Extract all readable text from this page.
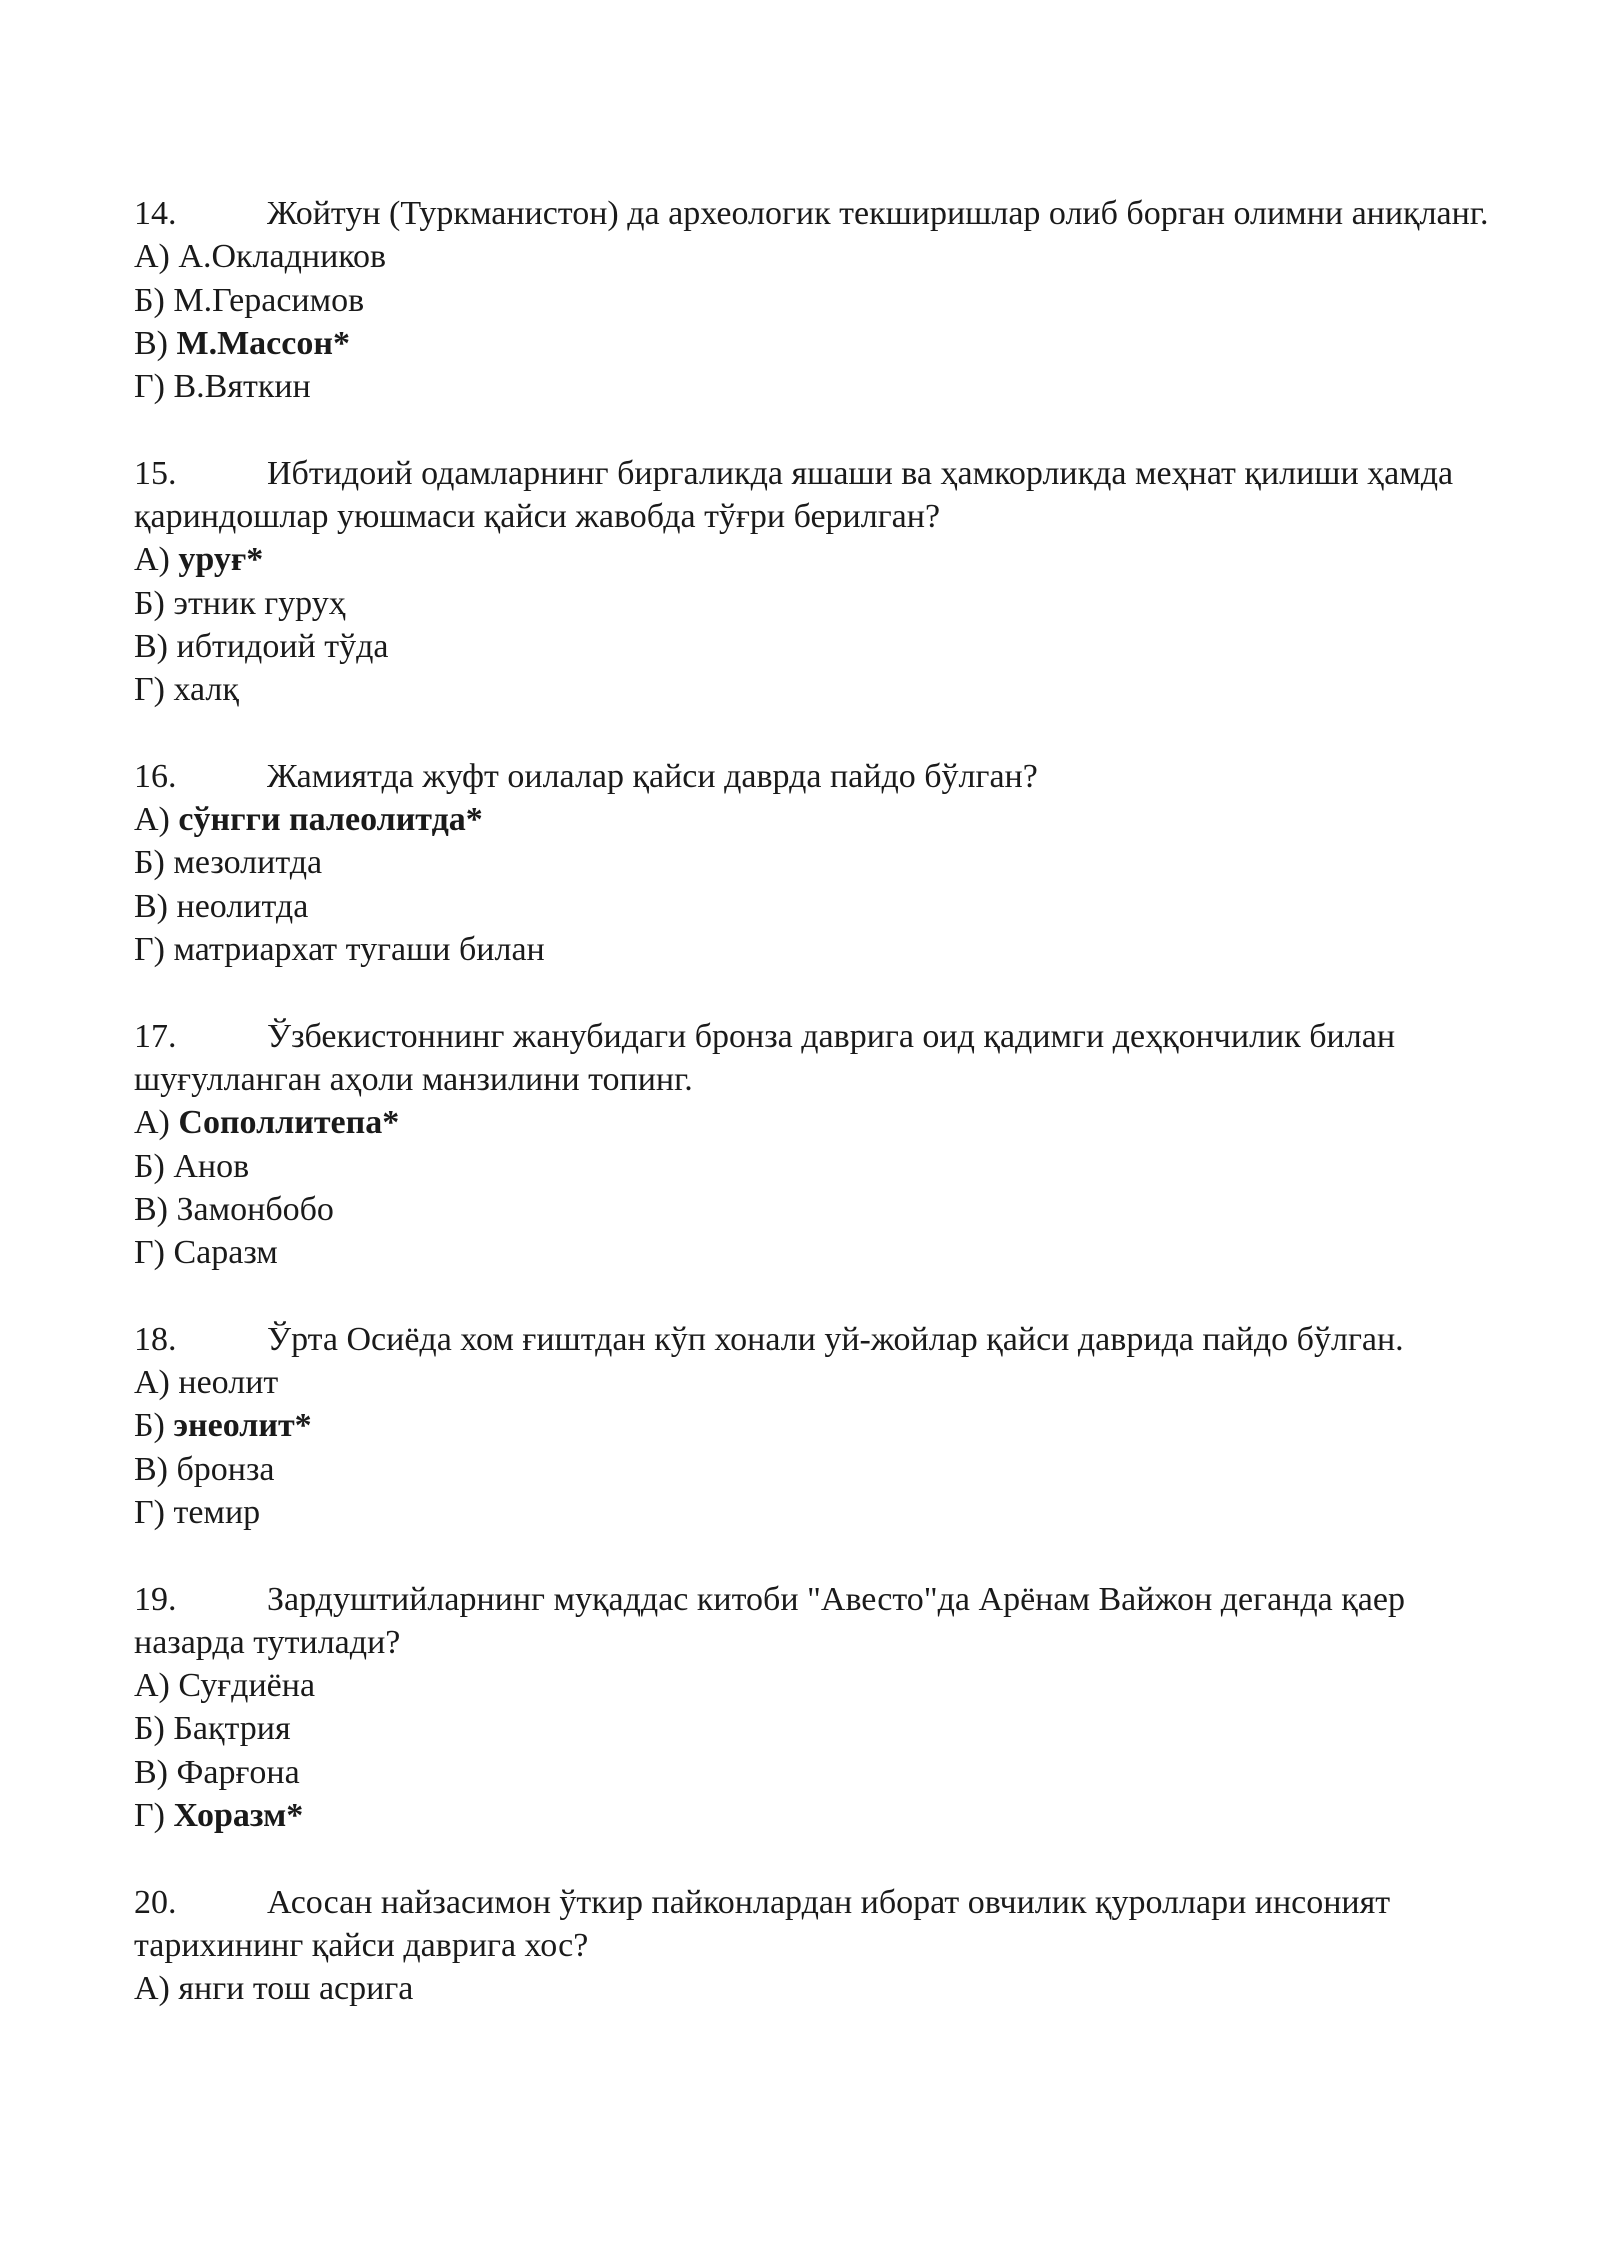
14.	Жойтун (Туркманистон) да археологик текширишлар олиб борган олимни аниқланг.

А) А.Окладников

Б) М.Герасимов

В) М.Массон*

Г) В.Вяткин

15.	Ибтидоий одамларнинг биргаликда яшаши ва ҳамкорликда меҳнат қилиши ҳамда қариндошлар уюшмаси қайси жавобда тўғри берилган?

А) уруғ*

Б) этник гуруҳ

В) ибтидоий тўда

Г) халқ

16.	Жамиятда жуфт оилалар қайси даврда пайдо бўлган?

А) сўнгги палеолитда*

Б) мезолитда

В) неолитда

Г) матриархат тугаши билан

17.	Ўзбекистоннинг жанубидаги бронза даврига оид қадимги деҳқончилик билан шуғулланган аҳоли манзилини топинг.

А) Сополлитепа*

Б) Анов

В) Замонбобо

Г) Саразм

18.	Ўрта Осиёда хом ғиштдан кўп хонали уй-жойлар қайси даврида пайдо бўлган.

А) неолит

Б) энеолит*

В) бронза

Г) темир

19.	Зардуштийларнинг муқаддас китоби "Авесто"да Арёнам Вайжон деганда қаер назарда тутилади?

А) Суғдиёна

Б) Бақтрия

В) Фарғона

Г) Хоразм*

20.	Асосан найзасимон ўткир пайконлардан иборат овчилик қуроллари инсоният тарихининг қайси даврига хос?

А) янги тош асрига
